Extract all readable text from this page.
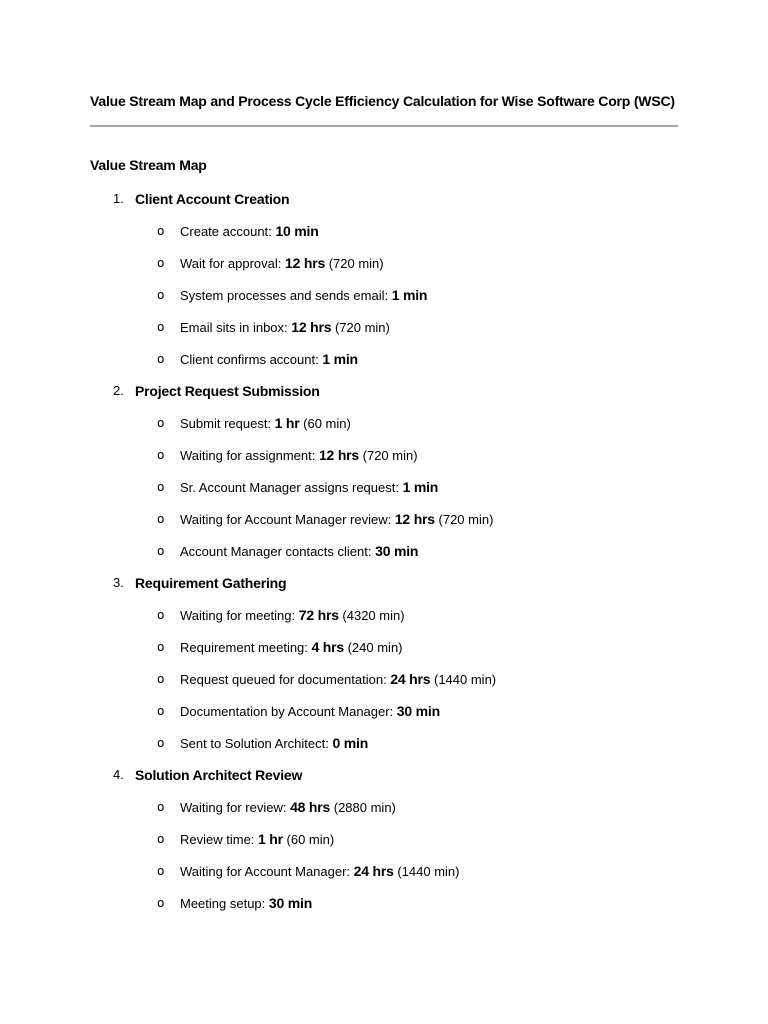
Value Stream Map and Process Cycle Efficiency Calculation for Wise Software Corp (WSC)
Value Stream Map
1. Client Account Creation
o Create account: 10 min
o Wait for approval: 12 hrs (720 min)
o System processes and sends email: 1 min
o Email sits in inbox: 12 hrs (720 min)
o Client confirms account: 1 min
2. Project Request Submission
o Submit request: 1 hr (60 min)
o Waiting for assignment: 12 hrs (720 min)
o Sr. Account Manager assigns request: 1 min
o Waiting for Account Manager review: 12 hrs (720 min)
o Account Manager contacts client: 30 min
3. Requirement Gathering
o Waiting for meeting: 72 hrs (4320 min)
o Requirement meeting: 4 hrs (240 min)
o Request queued for documentation: 24 hrs (1440 min)
o Documentation by Account Manager: 30 min
o Sent to Solution Architect: 0 min
4. Solution Architect Review
o Waiting for review: 48 hrs (2880 min)
o Review time: 1 hr (60 min)
o Waiting for Account Manager: 24 hrs (1440 min)
o Meeting setup: 30 min
